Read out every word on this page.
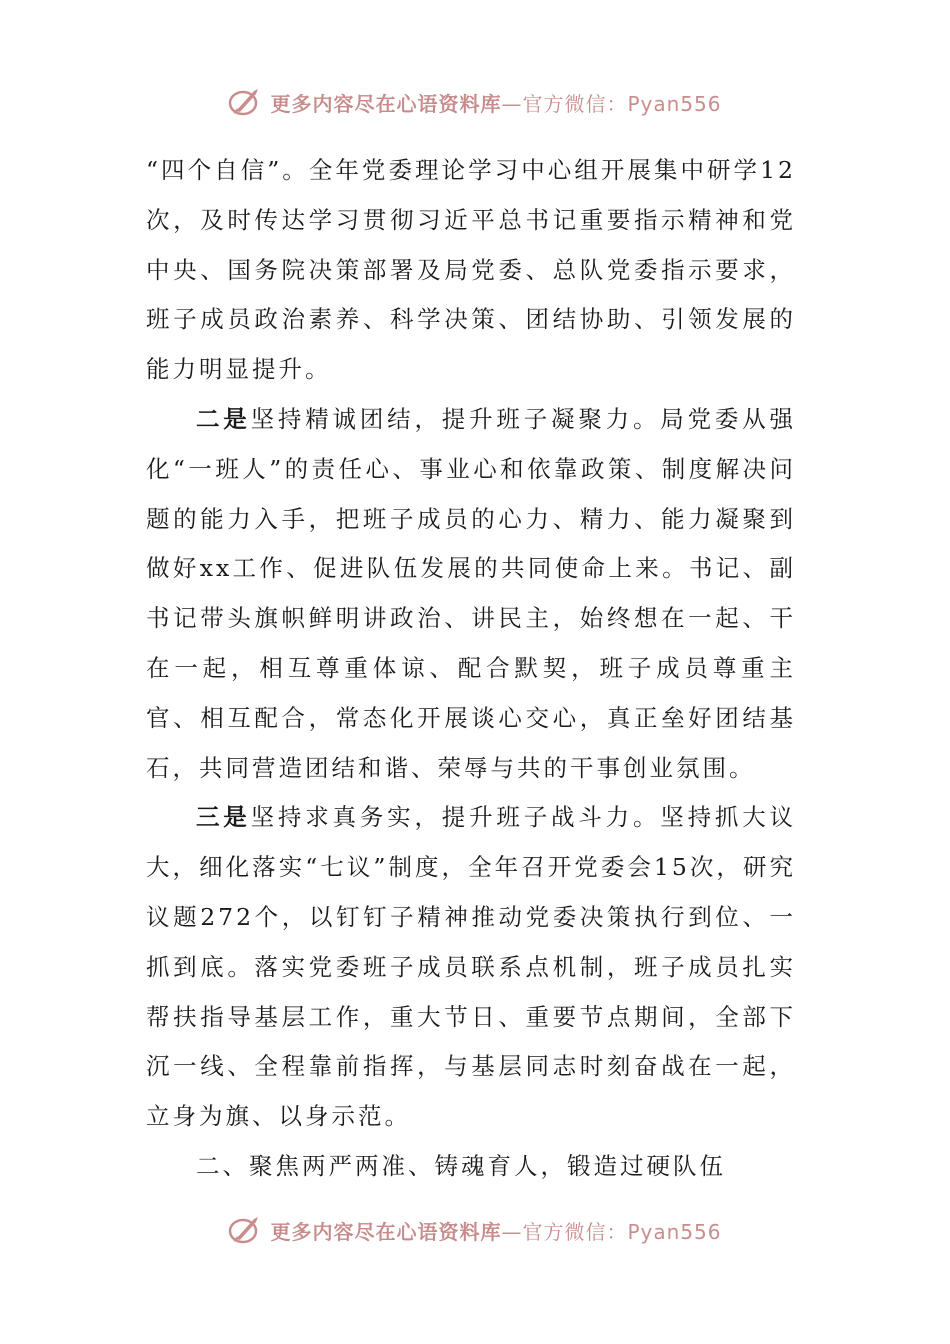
更多内容尽在心语资料库—官方微信：Pyan556

“四个自信”。全年党委理论学习中心组开展集中研学12次，及时传达学习贯彻习近平总书记重要指示精神和党中央、国务院决策部署及局党委、总队党委指示要求，班子成员政治素养、科学决策、团结协助、引领发展的能力明显提升。

二是坚持精诚团结，提升班子凝聚力。局党委从强化“一班人”的责任心、事业心和依靠政策、制度解决问题的能力入手，把班子成员的心力、精力、能力凝聚到做好xx工作、促进队伍发展的共同使命上来。书记、副书记带头旗帜鲜明讲政治、讲民主，始终想在一起、干在一起，相互尊重体谅、配合默契，班子成员尊重主官、相互配合，常态化开展谈心交心，真正垒好团结基石，共同营造团结和谐、荣辱与共的干事创业氛围。

三是坚持求真务实，提升班子战斗力。坚持抓大议大，细化落实“七议”制度，全年召开党委会15次，研究议题272个，以钉钉子精神推动党委决策执行到位、一抓到底。落实党委班子成员联系点机制，班子成员扎实帮扶指导基层工作，重大节日、重要节点期间，全部下沉一线、全程靠前指挥，与基层同志时刻奋战在一起，立身为旗、以身示范。

二、聚焦两严两准、铸魂育人，锻造过硬队伍

更多内容尽在心语资料库—官方微信：Pyan556
